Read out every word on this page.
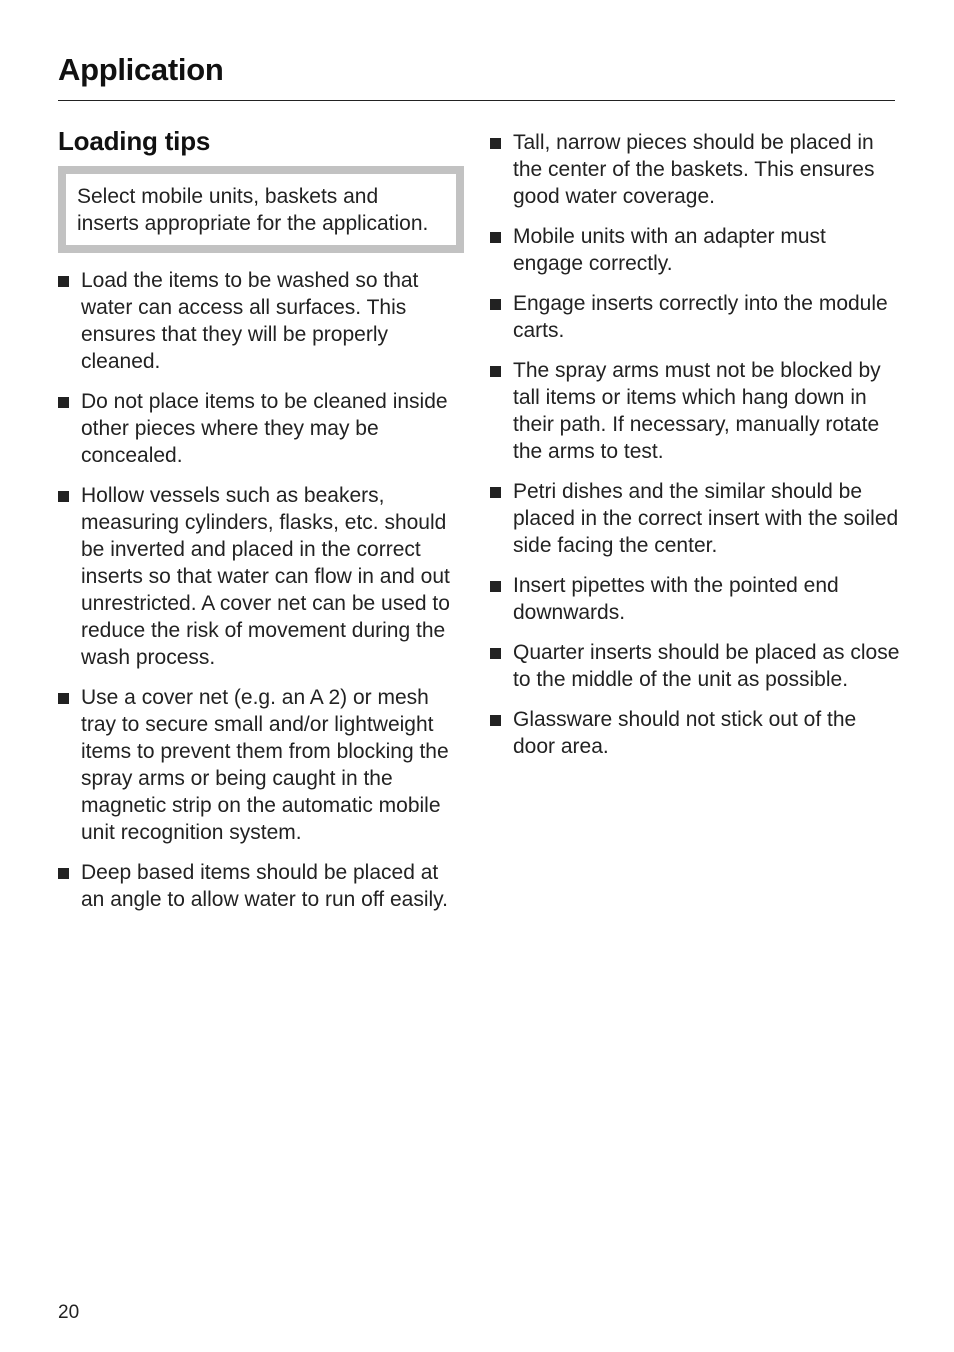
Application
Loading tips
Select mobile units, baskets and inserts appropriate for the application.
Load the items to be washed so that water can access all surfaces. This ensures that they will be properly cleaned.
Do not place items to be cleaned inside other pieces where they may be concealed.
Hollow vessels such as beakers, measuring cylinders, flasks, etc. should be inverted and placed in the correct inserts so that water can flow in and out unrestricted. A cover net can be used to reduce the risk of movement during the wash process.
Use a cover net (e.g. an A 2) or mesh tray to secure small and/or lightweight items to prevent them from blocking the spray arms or being caught in the magnetic strip on the automatic mobile unit recognition system.
Deep based items should be placed at an angle to allow water to run off easily.
Tall, narrow pieces should be placed in the center of the baskets. This ensures good water coverage.
Mobile units with an adapter must engage correctly.
Engage inserts correctly into the module carts.
The spray arms must not be blocked by tall items or items which hang down in their path. If necessary, manually rotate the arms to test.
Petri dishes and the similar should be placed in the correct insert with the soiled side facing the center.
Insert pipettes with the pointed end downwards.
Quarter inserts should be placed as close to the middle of the unit as possible.
Glassware should not stick out of the door area.
20
